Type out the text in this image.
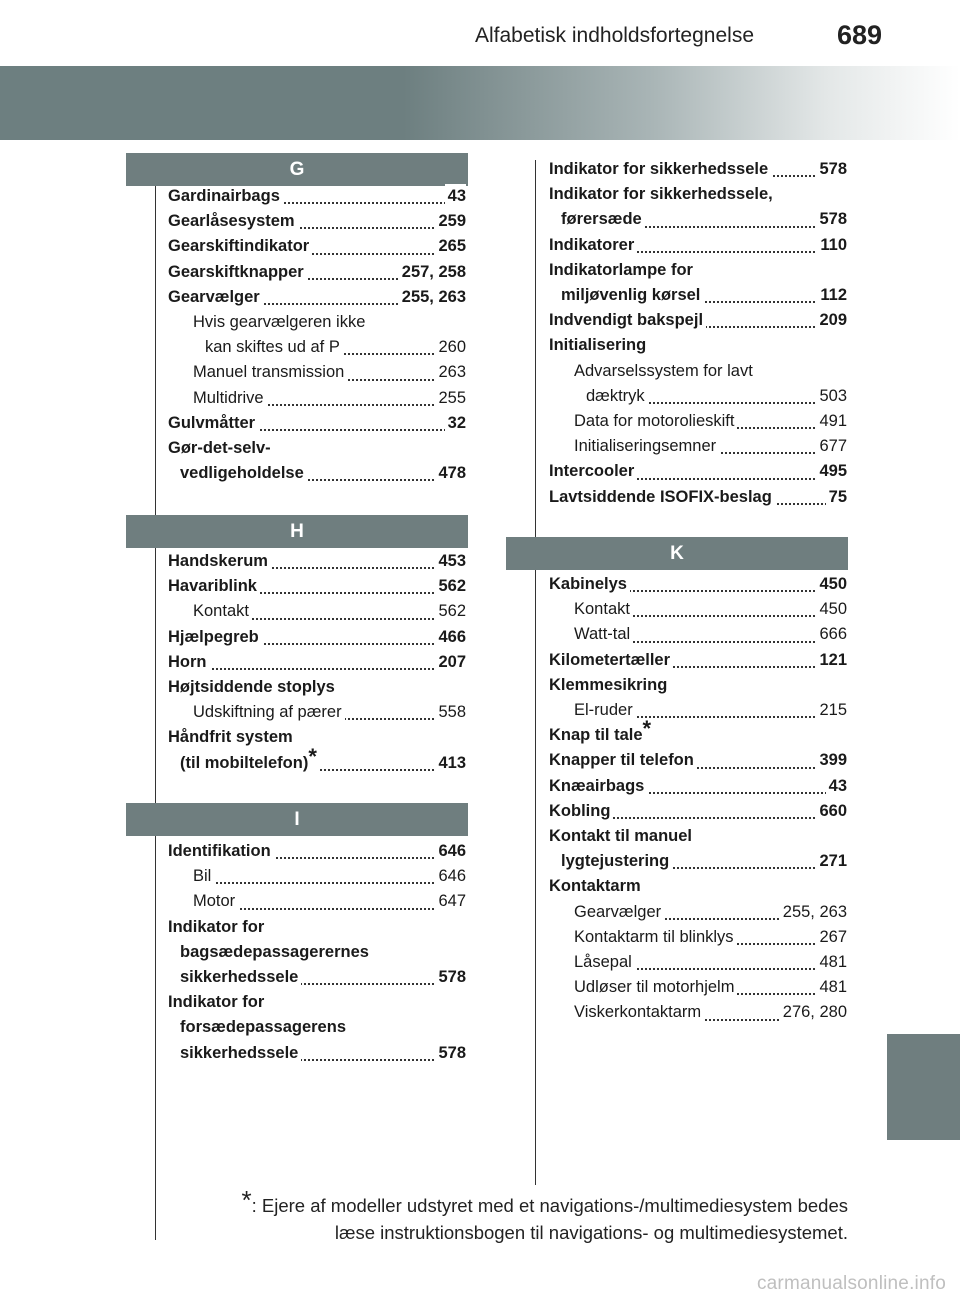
Alfabetisk indholdsfortegnelse	689
G
H
I
K
Gardinairbags	43
Gearlåsesystem	259
Gearskiftindikator	265
Gearskiftknapper	257, 258
Gearvælger	255, 263
Hvis gearvælgeren ikke
kan skiftes ud af P	260
Manuel transmission	263
Multidrive	255
Gulvmåtter	32
Gør-det-selv-
vedligeholdelse	478
Handskerum	453
Havariblink	562
Kontakt	562
Hjælpegreb	466
Horn	207
Højtsiddende stoplys
Udskiftning af pærer	558
Håndfrit system
(til mobiltelefon)*	413
Identifikation	646
Bil	646
Motor	647
Indikator for
bagsædepassagerernes
sikkerhedssele	578
Indikator for
forsædepassagerens
sikkerhedssele	578
Indikator for sikkerhedssele	578
Indikator for sikkerhedssele,
førersæde	578
Indikatorer	110
Indikatorlampe for
miljøvenlig kørsel	112
Indvendigt bakspejl	209
Initialisering
Advarselssystem for lavt
dæktryk	503
Data for motorolieskift	491
Initialiseringsemner	677
Intercooler	495
Lavtsiddende ISOFIX-beslag	75
Kabinelys	450
Kontakt	450
Watt-tal	666
Kilometertæller	121
Klemmesikring
El-ruder	215
Knap til tale*
Knapper til telefon	399
Knæairbags	43
Kobling	660
Kontakt til manuel
lygtejustering	271
Kontaktarm
Gearvælger	255, 263
Kontaktarm til blinklys	267
Låsepal	481
Udløser til motorhjelm	481
Viskerkontaktarm	276, 280
*: Ejere af modeller udstyret med et navigations-/multimediesystem bedes
læse instruktionsbogen til navigations- og multimediesystemet.
carmanualsonline.info
